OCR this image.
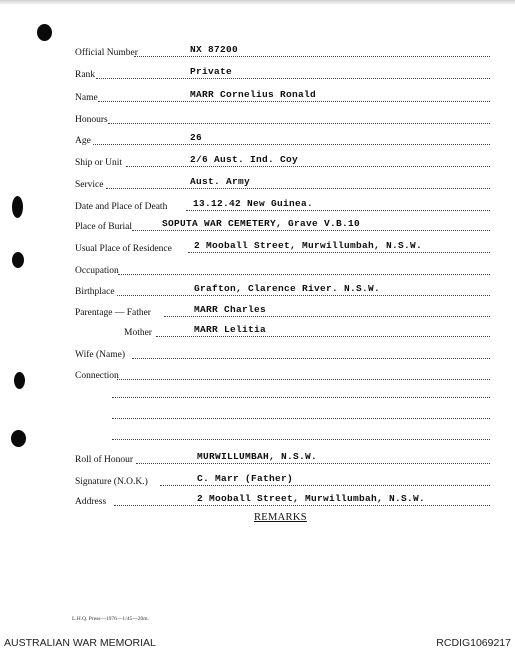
Official Number	NX 87200
Rank	Private
Name	MARR Cornelius Ronald
Honours
Age	26
Ship or Unit	2/6 Aust. Ind. Coy
Service	Aust. Army
Date and Place of Death	13.12.42 New Guinea.
Place of Burial	SOPUTA WAR CEMETERY, Grave V.B.10
Usual Place of Residence 2 Mooball Street, Murwillumbah, N.S.W.
Occupation
Birthplace	Grafton, Clarence River. N.S.W.
Parentage — Father	MARR Charles
Mother	MARR Lelitia
Wife (Name)
Connection
Roll of Honour	MURWILLUMBAH, N.S.W.
Signature (N.O.K.)	C. Marr (Father)
Address	2 Mooball Street, Murwillumbah, N.S.W.
REMARKS
L.H.Q. Press—1976—1/45—20m.
AUSTRALIAN WAR MEMORIAL	RCDIG1069217
